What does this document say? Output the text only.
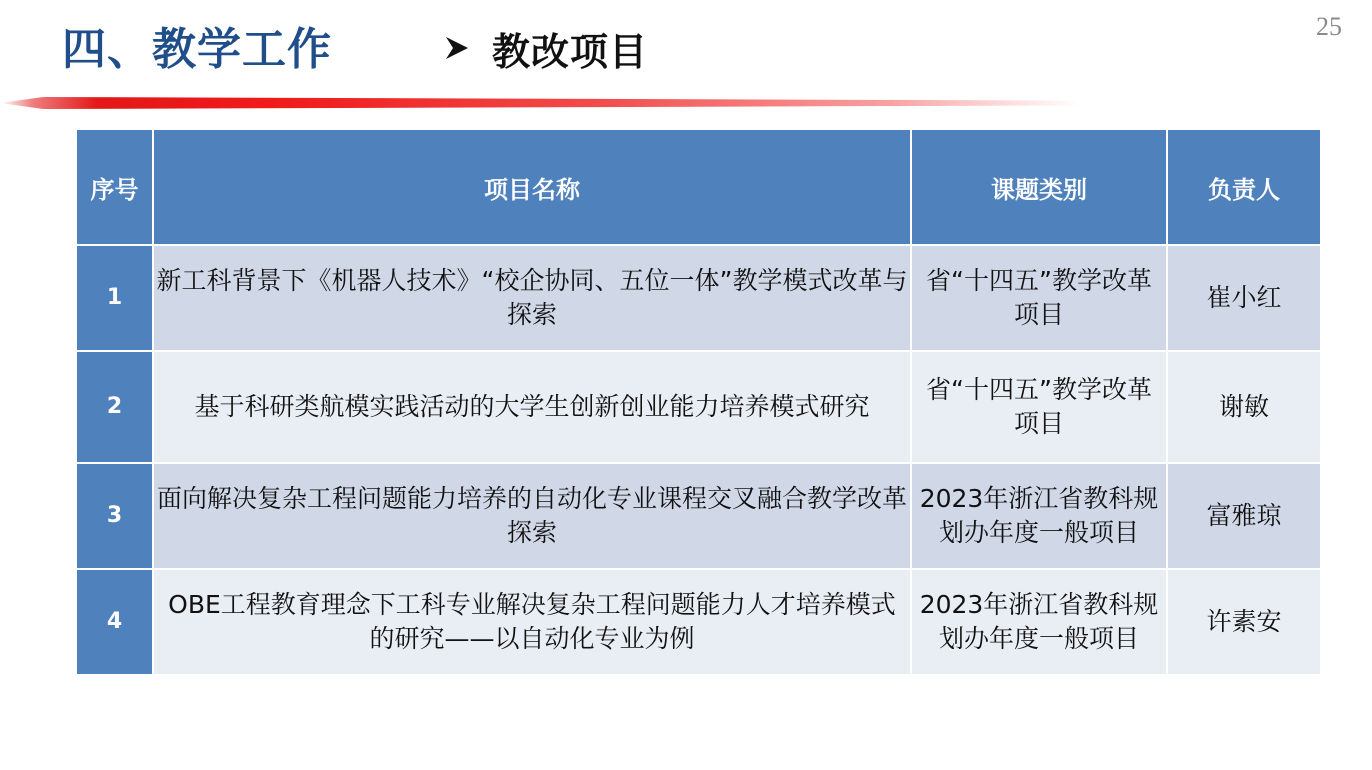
四、教学工作	教改项目
25
序号	项目名称	课题类别	负责人
1	新工科背景下《机器人技术》“校企协同、五位一体”教学模式改革与探索	省“十四五”教学改革项目	崔小红
2	基于科研类航模实践活动的大学生创新创业能力培养模式研究	省“十四五”教学改革项目	谢敏
3	面向解决复杂工程问题能力培养的自动化专业课程交叉融合教学改革探索	2023年浙江省教科规划办年度一般项目	富雅琼
4	OBE工程教育理念下工科专业解决复杂工程问题能力人才培养模式的研究——以自动化专业为例	2023年浙江省教科规划办年度一般项目	许素安
